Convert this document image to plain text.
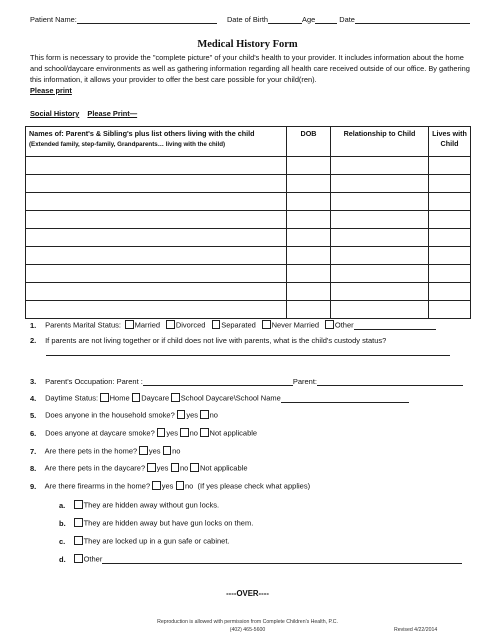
Patient Name:	Date of Birth	Age	Date
Medical History Form
This form is necessary to provide the "complete picture" of your child's health to your provider. It includes information about the home and school/daycare environments as well as gathering information regarding all health care received outside of our office. By gathering this information, it allows your provider to offer the best care possible for your child(ren).
Please print
Social History Please Print—
Names of: Parent's & Sibling's plus list others living with the child
(Extended family, step-family, Grandparents… living with the child)	DOB	Relationship to Child	Lives with
Child

1. Parents Marital Status: Married Divorced Separated Never Married Other
2. If parents are not living together or if child does not live with parents, what is the child's custody status?
3. Parent's Occupation: Parent :	Parent:
4. Daytime Status: Home Daycare School Daycare\School Name
5. Does anyone in the household smoke? yes no
6. Does anyone at daycare smoke? yes no Not applicable
7. Are there pets in the home? yes no
8. Are there pets in the daycare? yes no Not applicable
9. Are there firearms in the home? yes no (If yes please check what applies)
a. They are hidden away without gun locks.
b. They are hidden away but have gun locks on them.
c. They are locked up in a gun safe or cabinet.
d. Other
----OVER----
Reproduction is allowed with permission from Complete Children's Health, P.C.
(402) 465-5600	Revised 4/22/2014
